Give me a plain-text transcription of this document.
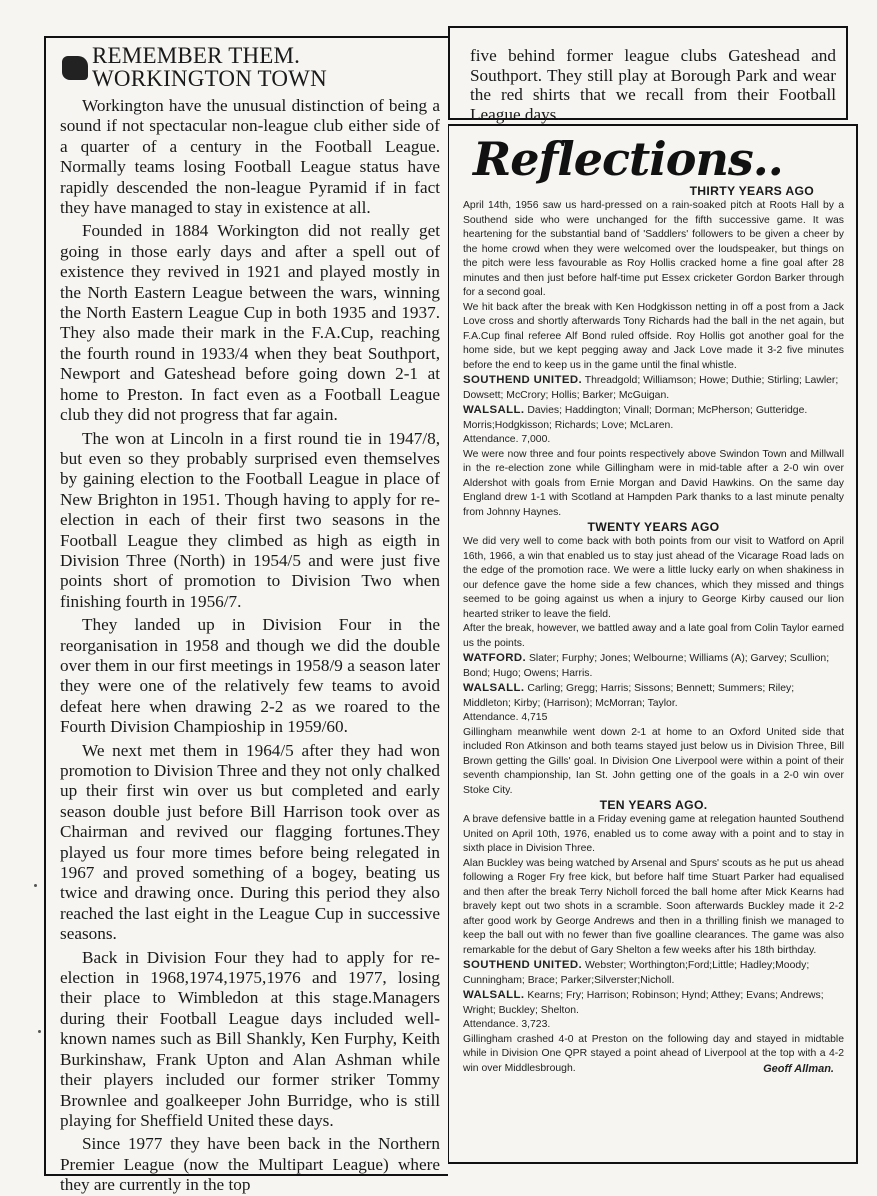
REMEMBER THEM.
WORKINGTON TOWN

Workington have the unusual distinction of being a sound if not spectacular non-league club either side of a quarter of a century in the Football League. Normally teams losing Football League status have rapidly descended the non-league Pyramid if in fact they have managed to stay in existence at all.

Founded in 1884 Workington did not really get going in those early days and after a spell out of existence they revived in 1921 and played mostly in the North Eastern League between the wars, winning the North Eastern League Cup in both 1935 and 1937. They also made their mark in the F.A.Cup, reaching the fourth round in 1933/4 when they beat Southport, Newport and Gateshead before going down 2-1 at home to Preston. In fact even as a Football League club they did not progress that far again.

The won at Lincoln in a first round tie in 1947/8, but even so they probably surprised even themselves by gaining election to the Football League in place of New Brighton in 1951. Though having to apply for re-election in each of their first two seasons in the Football League they climbed as high as eigth in Division Three (North) in 1954/5 and were just five points short of promotion to Division Two when finishing fourth in 1956/7.

They landed up in Division Four in the reorganisation in 1958 and though we did the double over them in our first meetings in 1958/9 a season later they were one of the relatively few teams to avoid defeat here when drawing 2-2 as we roared to the Fourth Division Champioship in 1959/60.

We next met them in 1964/5 after they had won promotion to Division Three and they not only chalked up their first win over us but completed and early season double just before Bill Harrison took over as Chairman and revived our flagging fortunes.They played us four more times before being relegated in 1967 and proved something of a bogey, beating us twice and drawing once. During this period they also reached the last eight in the League Cup in successive seasons.

Back in Division Four they had to apply for re-election in 1968,1974,1975,1976 and 1977, losing their place to Wimbledon at this stage.Managers during their Football League days included well-known names such as Bill Shankly, Ken Furphy, Keith Burkinshaw, Frank Upton and Alan Ashman while their players included our former striker Tommy Brownlee and goalkeeper John Burridge, who is still playing for Sheffield United these days.

Since 1977 they have been back in the Northern Premier League (now the Multipart League) where they are currently in the top

five behind former league clubs Gateshead and Southport. They still play at Borough Park and wear the red shirts that we recall from their Football League days.

Reflections..
THIRTY YEARS AGO

April 14th, 1956 saw us hard-pressed on a rain-soaked pitch at Roots Hall by a Southend side who were unchanged for the fifth successive game. It was heartening for the substantial band of 'Saddlers' followers to be given a cheer by the home crowd when they were welcomed over the loudspeaker, but things on the pitch were less favourable as Roy Hollis cracked home a fine goal after 28 minutes and then just before half-time put Essex cricketer Gordon Barker through for a second goal.

We hit back after the break with Ken Hodgkisson netting in off a post from a Jack Love cross and shortly afterwards Tony Richards had the ball in the net again, but F.A.Cup final referee Alf Bond ruled offside. Roy Hollis got another goal for the home side, but we kept pegging away and Jack Love made it 3-2 five minutes before the end to keep us in the game until the final whistle.

SOUTHEND UNITED. Threadgold; Williamson; Howe; Duthie; Stirling; Lawler; Dowsett; McCrory; Hollis; Barker; McGuigan.

WALSALL. Davies; Haddington; Vinall; Dorman; McPherson; Gutteridge. Morris;Hodgkisson; Richards; Love; McLaren.

Attendance. 7,000.

We were now three and four points respectively above Swindon Town and Millwall in the re-election zone while Gillingham were in mid-table after a 2-0 win over Aldershot with goals from Ernie Morgan and David Hawkins. On the same day England drew 1-1 with Scotland at Hampden Park thanks to a last minute penalty from Johnny Haynes.

TWENTY YEARS AGO

We did very well to come back with both points from our visit to Watford on April 16th, 1966, a win that enabled us to stay just ahead of the Vicarage Road lads on the edge of the promotion race. We were a little lucky early on when shakiness in our defence gave the home side a few chances, which they missed and things seemed to be going against us when a injury to George Kirby caused our lion hearted striker to leave the field.

After the break, however, we battled away and a late goal from Colin Taylor earned us the points.

WATFORD. Slater; Furphy; Jones; Welbourne; Williams (A); Garvey; Scullion; Bond; Hugo; Owens; Harris.

WALSALL. Carling; Gregg; Harris; Sissons; Bennett; Summers; Riley; Middleton; Kirby; (Harrison); McMorran; Taylor.

Attendance. 4,715

Gillingham meanwhile went down 2-1 at home to an Oxford United side that included Ron Atkinson and both teams stayed just below us in Division Three, Bill Brown getting the Gills' goal. In Division One Liverpool were within a point of their seventh championship, Ian St. John getting one of the goals in a 2-0 win over Stoke City.

TEN YEARS AGO.

A brave defensive battle in a Friday evening game at relegation haunted Southend United on April 10th, 1976, enabled us to come away with a point and to stay in sixth place in Division Three.

Alan Buckley was being watched by Arsenal and Spurs' scouts as he put us ahead following a Roger Fry free kick, but before half time Stuart Parker had equalised and then after the break Terry Nicholl forced the ball home after Mick Kearns had bravely kept out two shots in a scramble. Soon afterwards Buckley made it 2-2 after good work by George Andrews and then in a thrilling finish we managed to keep the ball out with no fewer than five goalline clearances. The game was also remarkable for the debut of Gary Shelton a few weeks after his 18th birthday.

SOUTHEND UNITED. Webster; Worthington;Ford;Little; Hadley;Moody; Cunningham; Brace; Parker;Silverster;Nicholl.

WALSALL. Kearns; Fry; Harrison; Robinson; Hynd; Atthey; Evans; Andrews; Wright; Buckley; Shelton.

Attendance. 3,723.

Gillingham crashed 4-0 at Preston on the following day and stayed in midtable while in Division One QPR stayed a point ahead of Liverpool at the top with a 4-2 win over Middlesbrough.	Geoff Allman.
